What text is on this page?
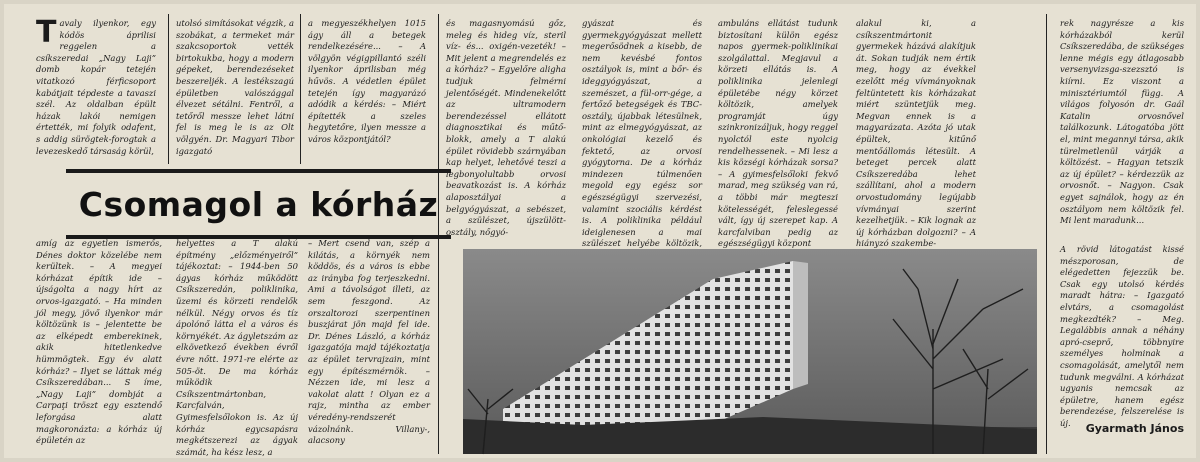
T avaly ilyenkor, egy kódös áprilisi reggelen a csíkszeredai „Nagy Laji” domb kopár tetején vitatkozó férficsoport kabátjait tépdeste a tavaszi szél. Az oldalban épült házak lakói nemigen értették, mi folyik odafent, s addig sürögtek-forogtak a levezeskedő társaság körül,
utolsó simításokat végzik, a szobákat, a termeket már szakcsoportok vették birtokukba, hogy a modern gépeket, berendezéseket beszereljék. A lestékszagú épületben valószággal élvezet sétálni. Fentről, a tetőről messze lehet látni fel is meg le is az Olt völgyén. Dr. Magyari Tibor igazgató
a megyeszékhelyen 1015 ágy áll a betegek rendelkezésére... – A völgyön végigpillantó széli ilyenkor áprilisban még hűvös. A védetlen épület tetején így magyarázó adódik a kérdés: – Miért építették a szeles hegytetőre, ilyen messze a város központjától?
és magasnyomású gőz, meleg és hideg víz, steril víz- és... oxigén-vezeték! – Mit jelent a megrendelés ez a kórház? – Egyelőre aligha tudjuk felmérni jelentőségét. Mindenekelőtt az ultramodern berendezéssel ellátott diagnosztikai és műtő-blokk, amely a T alakú épület rövidebb szárnyában kap helyet, lehetővé teszi a legbonyolultabb orvosi beavatkozást is. A kórház alaposztályai a belgyógyászat, a sebészet, a szülészet, újszülött-osztály, nőgyó-
gyászat és gyermekgyógyászat mellett megerősödnek a kisebb, de nem kevésbé fontos osztályok is, mint a bőr- és ideggyógyászat, a szemészet, a fül-orr-gége, a fertőző betegségek és TBC-osztály, újabbak létesülnek, mint az elmegyógyászat, az onkológiai kezelő és fektető, az orvosi gyógytorna. De a kórház mindezen túlmenően megold egy egész sor egészségügyi szervezési, valamint szociális kérdést is. A poliklinika például ideiglenesen a mai szülészet helyébe költözik,
ambuláns ellátást tudunk biztosítani külön egész napos gyermek-poliklinikai szolgálattal. Megjavul a körzeti ellátás is. A poliklinika jelenlegi épületébe négy körzet költözik, amelyek programját úgy szinkronizáljuk, hogy reggel nyolctól este nyolcig rendelhessenek. – Mi lesz a kis községi kórházak sorsa? – A gyimesfelsőloki fekvő marad, meg szükség van rá, a többi már megteszi kötelességét, feleslegessé vált, így új szerepet kap. A karcfalviban pedig az egészségügyi központ
alakul ki, a csíkszentmártonit gyermekek házává alakítjuk át. Sokan tudják nem értik meg, hogy az évekkel ezelőtt még vívmányoknak feltüntetett kis kórházakat miért szüntetjük meg. Megvan ennek is a magyarázata. Azóta jó utak épültek, kitűnő mentőállomás létesült. A beteget percek alatt Csíkszeredába lehet szállítani, ahol a modern orvostudomány legújabb vívmányai szerint kezelhetjük. – Kik lognak az új kórházban dolgozni? – A hiányzó szakembe-
rek nagyrésze a kis kórházakból kerül Csíkszeredába, de szükséges lenne mégis egy átlagosabb versenyvizsga-szezsztó is kiírni. Ez viszont a minisztériumtól függ. A világos folyosón dr. Gaál Katalin orvosnővel találkozunk. Látogatóba jött el, mint megannyi társa, akik türelmetlenül várják a költözést. – Hagyan tetszik az új épület? – kérdezzük az orvosnőt. – Nagyon. Csak egyet sajnálok, hogy az én osztályom nem költözik fel. Mi lent maradunk...
Csomagol a kórház
amíg az egyetlen ismerős, Dénes doktor közelébe nem kerültek. – A megyei kórházat építik ide – újságolta a nagy hírt az orvos-igazgató. – Ha minden jól megy, jövő ilyenkor már költözünk is – jelentette be az elképedt emberekinek, akik hitetlenkedve hümmögtek. Egy év alatt kórház? – Ilyet se láttak még Csíkszeredában... S íme, „Nagy Laji” dombját a Carpaţi tröszt egy esztendő leforgása alatt magkoronázta: a kórház új épületén az
helyettes a T alakú építmény „előzményeiről” tájékoztat: – 1944-ben 50 ágyas kórház működött Csíkszeredán, poliklinika, üzemi és körzeti rendelők nélkül. Négy orvos és tíz ápolónő látta el a város és környékét. Az ágyletszám az elkövetkező években évről évre nőtt. 1971-re elérte az 505-öt. De ma kórház működik Csíkszentmártonban, Karcfalván, Gyimesfelsőlokon is. Az új kórház egycsapásra megkétszerezi az ágyak számát, ha kész lesz, a
– Mert csend van, szép a kilátás, a környék nem köddös, és a város is ebbe az irányba fog terjeszkedni. Ami a távolságot illeti, az sem feszgond. Az orszaltorozi szerpentinen buszjárat jön majd fel ide. Dr. Dénes László, a kórház igazgatója majd tájékoztatja az épület tervrajzain, mint egy építészmérnök. – Nézzen ide, mi lesz a vakolat alatt ! Olyan ez a rajz, mintha az ember véredény-rendszerét vázolnánk. Villany-, alacsony
A rövid látogatást kissé mészporosan, de elégedetten fejezzük be. Csak egy utolsó kérdés maradt hátra: – Igazgató elvtárs, a csomagolást megkezdték? – Meg. Legalábbis annak a néhány apró-cseprő, többnyire személyes holminak a csomagolását, amelytől nem tudunk megválni. A kórházat ugyanis nemcsak az épületre, hanem egész berendezése, felszerelése is új.	Gyarmath János
